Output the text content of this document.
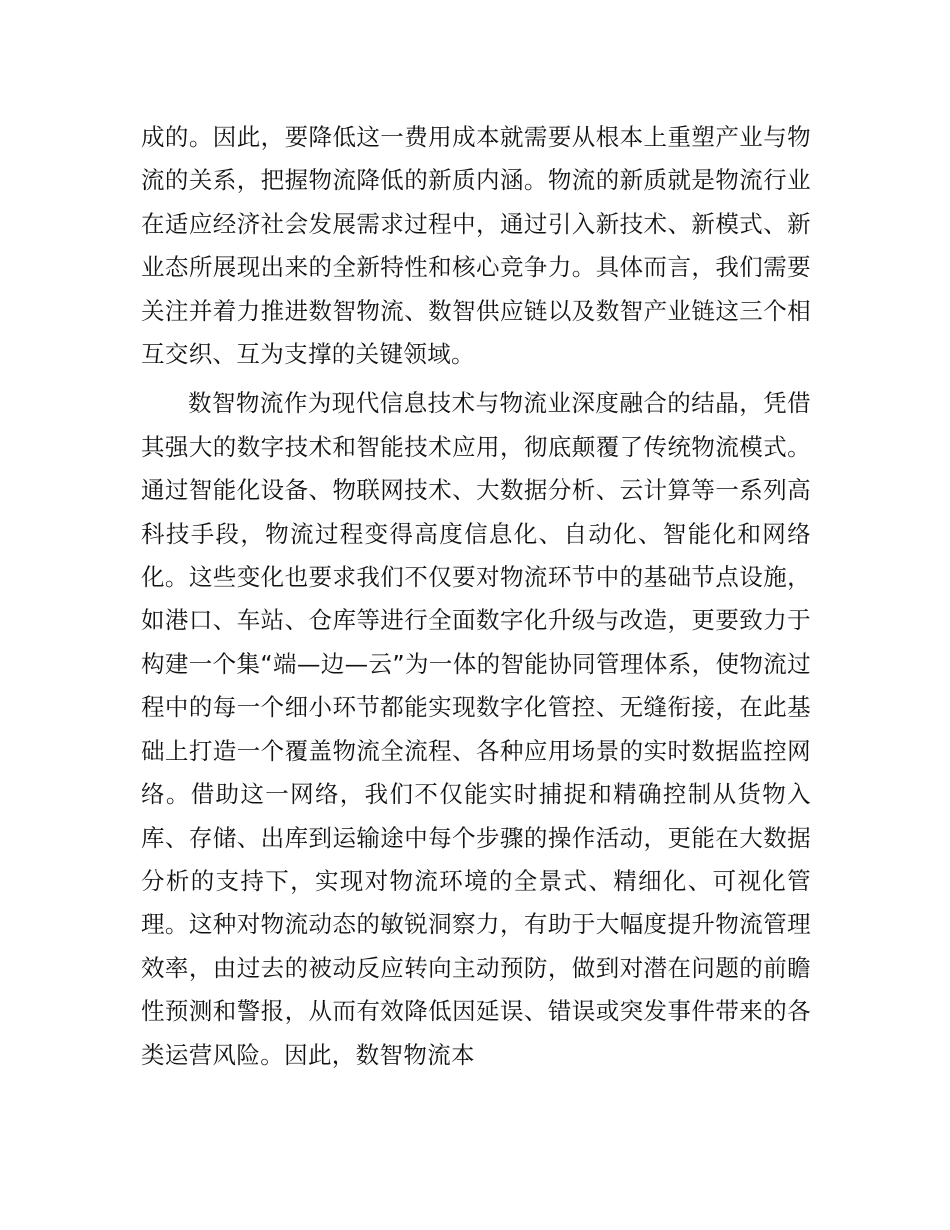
成的。因此，要降低这一费用成本就需要从根本上重塑产业与物流的关系，把握物流降低的新质内涵。物流的新质就是物流行业在适应经济社会发展需求过程中，通过引入新技术、新模式、新业态所展现出来的全新特性和核心竞争力。具体而言，我们需要关注并着力推进数智物流、数智供应链以及数智产业链这三个相互交织、互为支撑的关键领域。

数智物流作为现代信息技术与物流业深度融合的结晶，凭借其强大的数字技术和智能技术应用，彻底颠覆了传统物流模式。通过智能化设备、物联网技术、大数据分析、云计算等一系列高科技手段，物流过程变得高度信息化、自动化、智能化和网络化。这些变化也要求我们不仅要对物流环节中的基础节点设施，如港口、车站、仓库等进行全面数字化升级与改造，更要致力于构建一个集“端—边—云”为一体的智能协同管理体系，使物流过程中的每一个细小环节都能实现数字化管控、无缝衔接，在此基础上打造一个覆盖物流全流程、各种应用场景的实时数据监控网络。借助这一网络，我们不仅能实时捕捉和精确控制从货物入库、存储、出库到运输途中每个步骤的操作活动，更能在大数据分析的支持下，实现对物流环境的全景式、精细化、可视化管理。这种对物流动态的敏锐洞察力，有助于大幅度提升物流管理效率，由过去的被动反应转向主动预防，做到对潜在问题的前瞻性预测和警报，从而有效降低因延误、错误或突发事件带来的各类运营风险。因此，数智物流本
